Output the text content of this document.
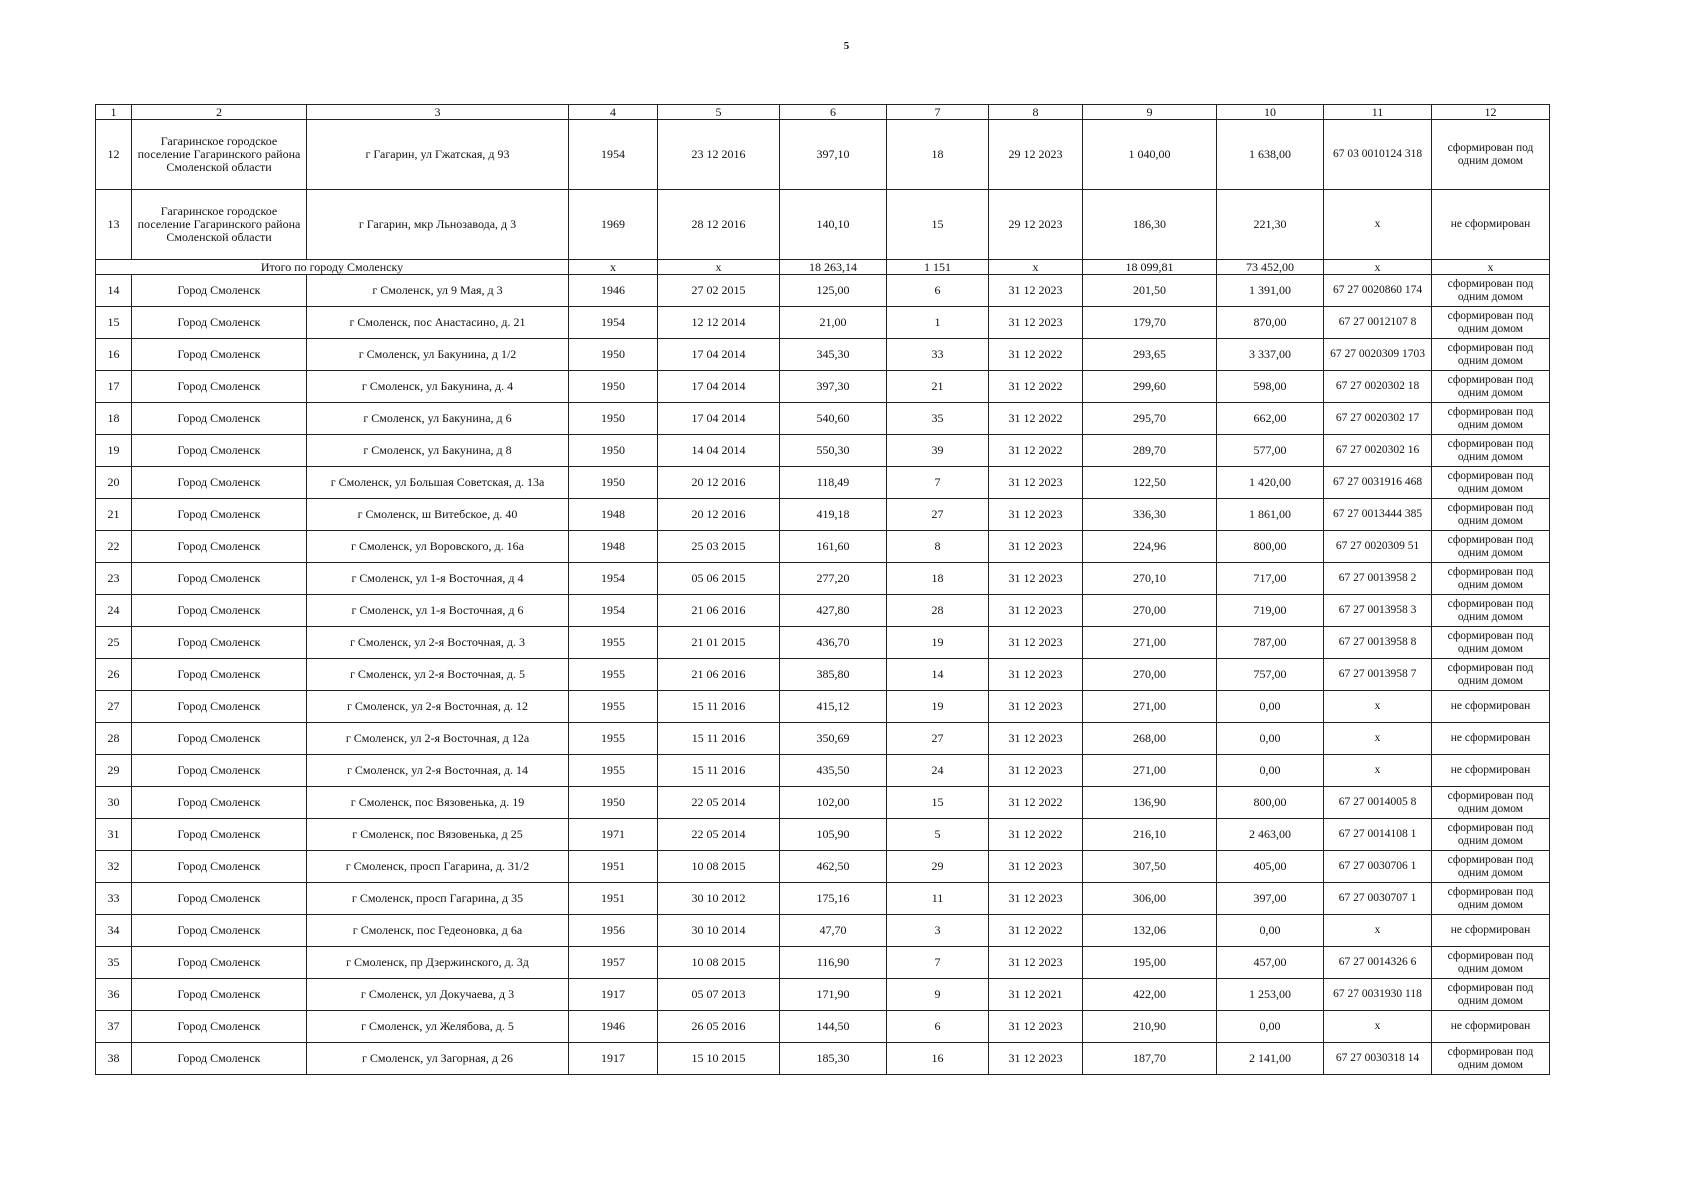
5
1	2	3	4	5	6	7	8	9	10	11	12
12	Гагаринское городское поселение Гагаринского района Смоленской области	г Гагарин, ул Гжатская, д 93	1954	23 12 2016	397,10	18	29 12 2023	1 040,00	1 638,00	67 03 0010124 318	сформирован под одним домом
13	Гагаринское городское поселение Гагаринского района Смоленской области	г Гагарин, мкр Льнозавода, д 3	1969	28 12 2016	140,10	15	29 12 2023	186,30	221,30	x	не сформирован
Итого по городу Смоленску			x	x	18 263,14	1 151	x	18 099,81	73 452,00	x	x
14	Город Смоленск	г Смоленск, ул 9 Мая, д 3	1946	27 02 2015	125,00	6	31 12 2023	201,50	1 391,00	67 27 0020860 174	сформирован под одним домом
15	Город Смоленск	г Смоленск, пос Анастасино, д. 21	1954	12 12 2014	21,00	1	31 12 2023	179,70	870,00	67 27 0012107 8	сформирован под одним домом
16	Город Смоленск	г Смоленск, ул Бакунина, д 1/2	1950	17 04 2014	345,30	33	31 12 2022	293,65	3 337,00	67 27 0020309 1703	сформирован под одним домом
17	Город Смоленск	г Смоленск, ул Бакунина, д. 4	1950	17 04 2014	397,30	21	31 12 2022	299,60	598,00	67 27 0020302 18	сформирован под одним домом
18	Город Смоленск	г Смоленск, ул Бакунина, д 6	1950	17 04 2014	540,60	35	31 12 2022	295,70	662,00	67 27 0020302 17	сформирован под одним домом
19	Город Смоленск	г Смоленск, ул Бакунина, д 8	1950	14 04 2014	550,30	39	31 12 2022	289,70	577,00	67 27 0020302 16	сформирован под одним домом
20	Город Смоленск	г Смоленск, ул Большая Советская, д. 13а	1950	20 12 2016	118,49	7	31 12 2023	122,50	1 420,00	67 27 0031916 468	сформирован под одним домом
21	Город Смоленск	г Смоленск, ш Витебское, д. 40	1948	20 12 2016	419,18	27	31 12 2023	336,30	1 861,00	67 27 0013444 385	сформирован под одним домом
22	Город Смоленск	г Смоленск, ул Воровского, д. 16а	1948	25 03 2015	161,60	8	31 12 2023	224,96	800,00	67 27 0020309 51	сформирован под одним домом
23	Город Смоленск	г Смоленск, ул 1-я Восточная, д 4	1954	05 06 2015	277,20	18	31 12 2023	270,10	717,00	67 27 0013958 2	сформирован под одним домом
24	Город Смоленск	г Смоленск, ул 1-я Восточная, д 6	1954	21 06 2016	427,80	28	31 12 2023	270,00	719,00	67 27 0013958 3	сформирован под одним домом
25	Город Смоленск	г Смоленск, ул 2-я Восточная, д. 3	1955	21 01 2015	436,70	19	31 12 2023	271,00	787,00	67 27 0013958 8	сформирован под одним домом
26	Город Смоленск	г Смоленск, ул 2-я Восточная, д. 5	1955	21 06 2016	385,80	14	31 12 2023	270,00	757,00	67 27 0013958 7	сформирован под одним домом
27	Город Смоленск	г Смоленск, ул 2-я Восточная, д. 12	1955	15 11 2016	415,12	19	31 12 2023	271,00	0,00	x	не сформирован
28	Город Смоленск	г Смоленск, ул 2-я Восточная, д 12а	1955	15 11 2016	350,69	27	31 12 2023	268,00	0,00	x	не сформирован
29	Город Смоленск	г Смоленск, ул 2-я Восточная, д. 14	1955	15 11 2016	435,50	24	31 12 2023	271,00	0,00	x	не сформирован
30	Город Смоленск	г Смоленск, пос Вязовенька, д. 19	1950	22 05 2014	102,00	15	31 12 2022	136,90	800,00	67 27 0014005 8	сформирован под одним домом
31	Город Смоленск	г Смоленск, пос Вязовенька, д 25	1971	22 05 2014	105,90	5	31 12 2022	216,10	2 463,00	67 27 0014108 1	сформирован под одним домом
32	Город Смоленск	г Смоленск, просп Гагарина, д. 31/2	1951	10 08 2015	462,50	29	31 12 2023	307,50	405,00	67 27 0030706 1	сформирован под одним домом
33	Город Смоленск	г Смоленск, просп Гагарина, д 35	1951	30 10 2012	175,16	11	31 12 2023	306,00	397,00	67 27 0030707 1	сформирован под одним домом
34	Город Смоленск	г Смоленск, пос Гедеоновка, д 6а	1956	30 10 2014	47,70	3	31 12 2022	132,06	0,00	x	не сформирован
35	Город Смоленск	г Смоленск, пр Дзержинского, д. 3д	1957	10 08 2015	116,90	7	31 12 2023	195,00	457,00	67 27 0014326 6	сформирован под одним домом
36	Город Смоленск	г Смоленск, ул Докучаева, д 3	1917	05 07 2013	171,90	9	31 12 2021	422,00	1 253,00	67 27 0031930 118	сформирован под одним домом
37	Город Смоленск	г Смоленск, ул Желябова, д. 5	1946	26 05 2016	144,50	6	31 12 2023	210,90	0,00	x	не сформирован
38	Город Смоленск	г Смоленск, ул Загорная, д 26	1917	15 10 2015	185,30	16	31 12 2023	187,70	2 141,00	67 27 0030318 14	сформирован под одним домом
